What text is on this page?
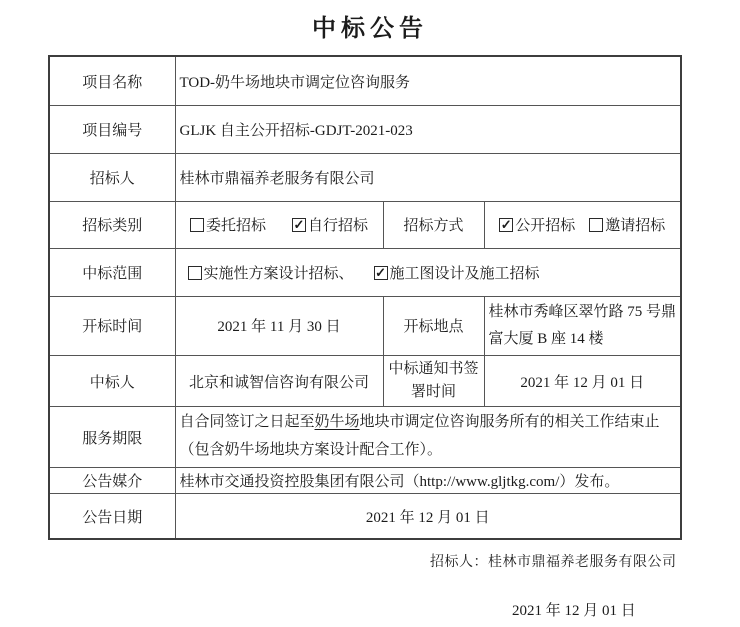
中标公告
项目名称	TOD-奶牛场地块市调定位咨询服务		
项目编号	GLJK 自主公开招标-GDJT-2021-023		
招标人	桂林市鼎福养老服务有限公司		
招标类别	委托招标 ✓ 自行招标	招标方式	✓ 公开招标 邀请招标

中标范围	实施性方案设计招标、 ✓ 施工图设计及施工招标		

开标时间	2021 年 11 月 30 日	开标地点	桂林市秀峰区翠竹路 75 号鼎富大厦 B 座 14 楼
中标人	北京和诚智信咨询有限公司	中标通知书签署时间	2021 年 12 月 01 日
服务期限	自合同签订之日起至奶牛场地块市调定位咨询服务所有的相关工作结束止（包含奶牛场地块方案设计配合工作）。		
公告媒介	桂林市交通投资控股集团有限公司（http://www.gljtkg.com/）发布。		
公告日期	2021 年 12 月 01 日		
招标人：桂林市鼎福养老服务有限公司
2021 年 12 月 01 日
